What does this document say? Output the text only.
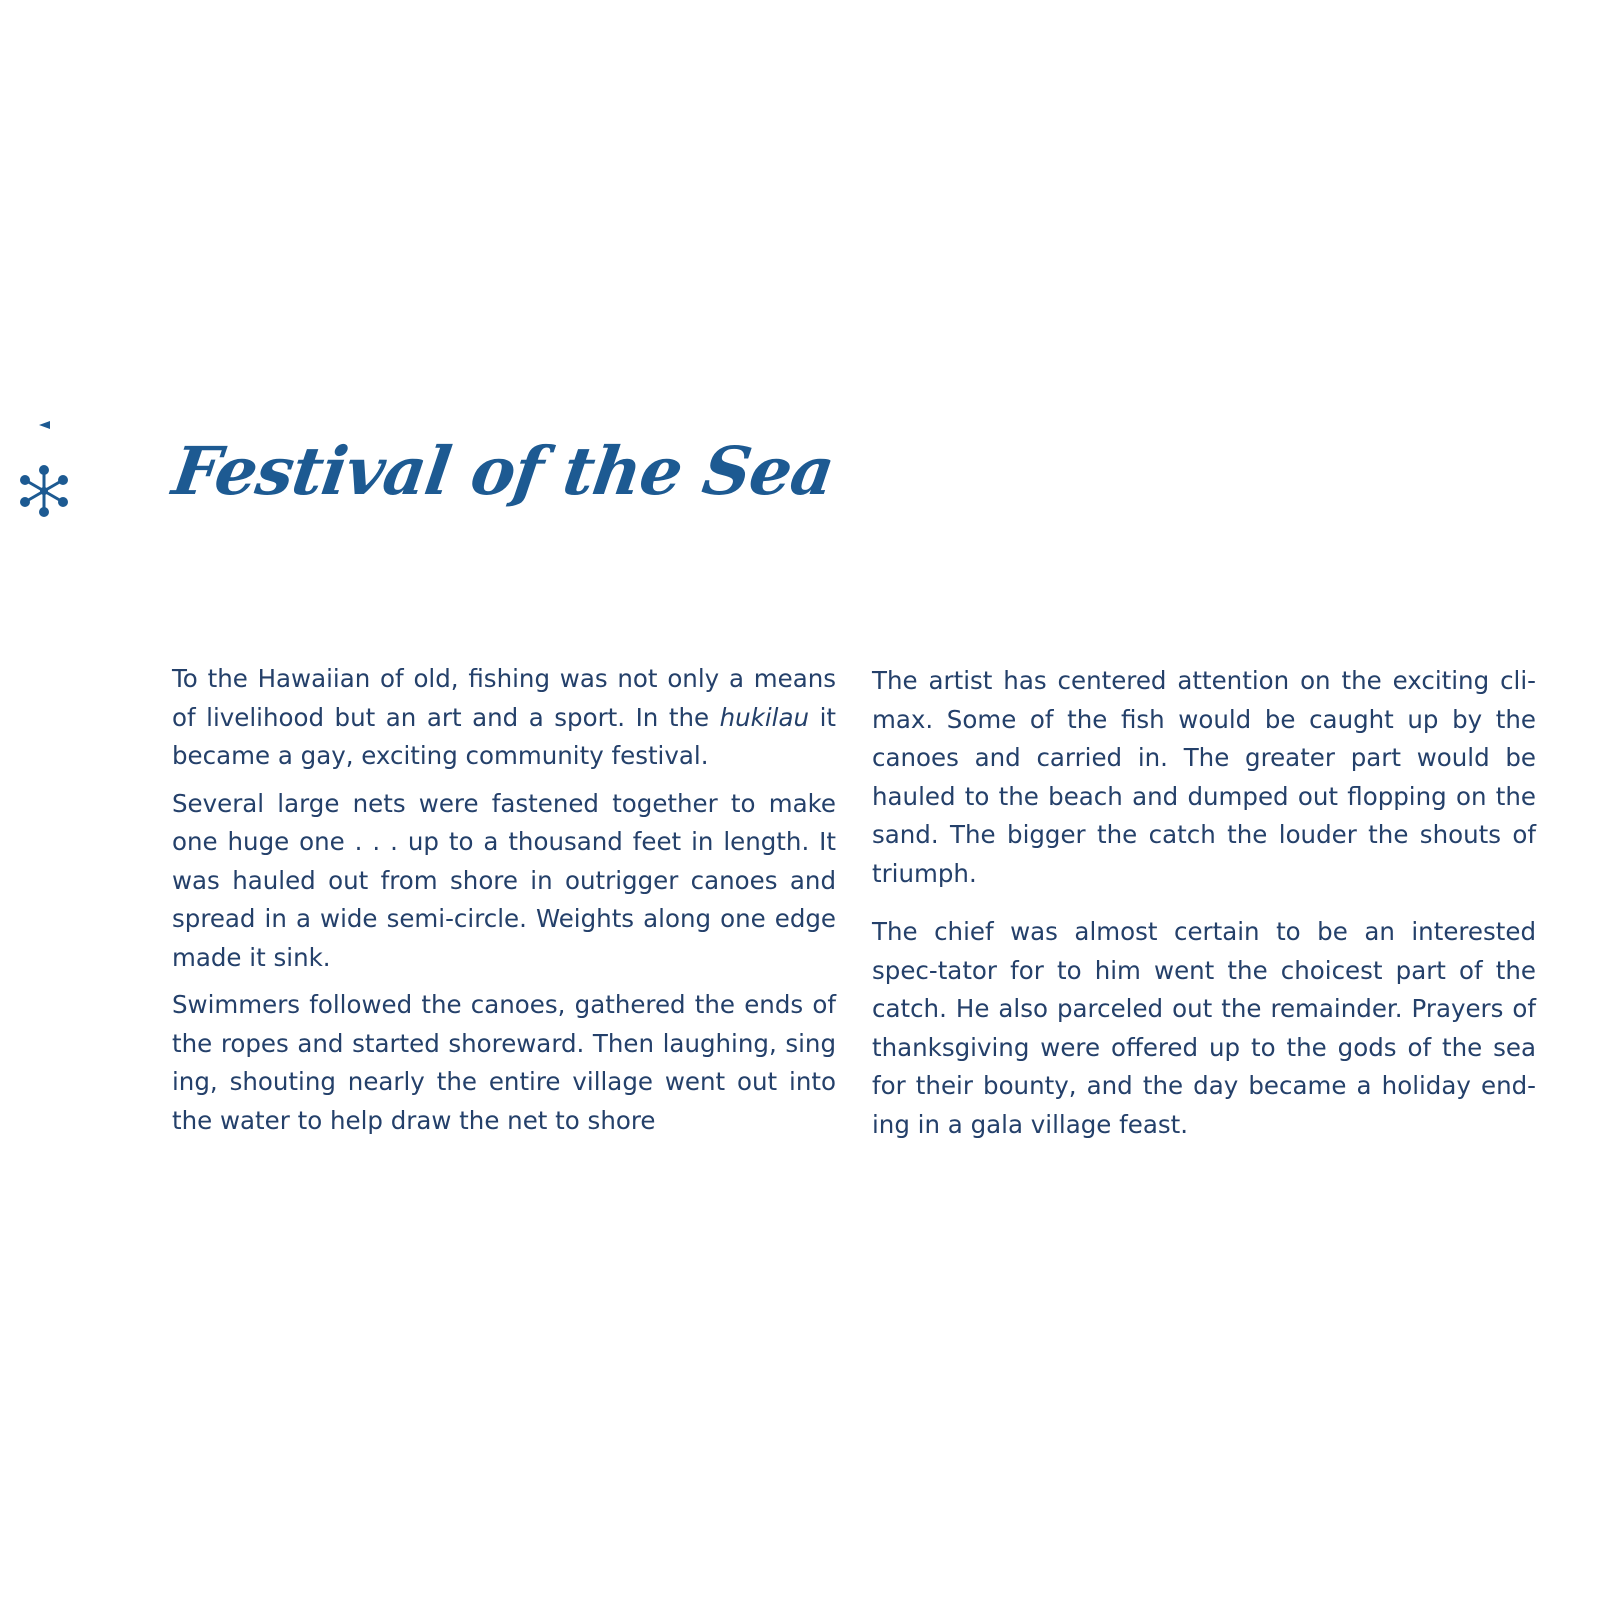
Festival of the Sea

To the Hawaiian of old, fishing was not only a means of livelihood but an art and a sport. In the hukilau it became a gay, exciting community festival.

Several large nets were fastened together to make one huge one . . . up to a thousand feet in length. It was hauled out from shore in outrigger canoes and spread in a wide semi-circle. Weights along one edge made it sink.

Swimmers followed the canoes, gathered the ends of the ropes and started shoreward. Then laughing, sing ing, shouting nearly the entire village went out into the water to help draw the net to shore

The artist has centered attention on the exciting cli-max. Some of the fish would be caught up by the canoes and carried in. The greater part would be hauled to the beach and dumped out flopping on the sand. The bigger the catch the louder the shouts of triumph.

The chief was almost certain to be an interested spec-tator for to him went the choicest part of the catch. He also parceled out the remainder. Prayers of thanksgiving were offered up to the gods of the sea for their bounty, and the day became a holiday end-ing in a gala village feast.
